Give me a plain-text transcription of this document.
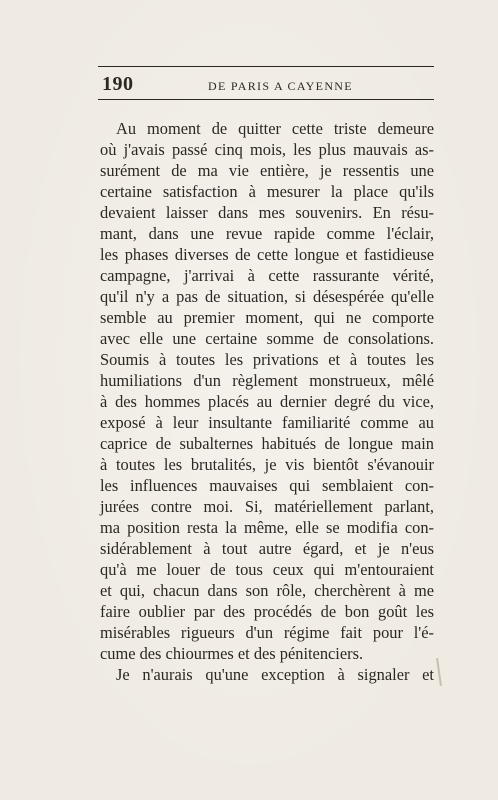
190	DE PARIS A CAYENNE
Au moment de quitter cette triste demeure
où j'avais passé cinq mois, les plus mauvais as-
surément de ma vie entière, je ressentis une
certaine satisfaction à mesurer la place qu'ils
devaient laisser dans mes souvenirs. En résu-
mant, dans une revue rapide comme l'éclair,
les phases diverses de cette longue et fastidieuse
campagne, j'arrivai à cette rassurante vérité,
qu'il n'y a pas de situation, si désespérée qu'elle
semble au premier moment, qui ne comporte
avec elle une certaine somme de consolations.
Soumis à toutes les privations et à toutes les
humiliations d'un règlement monstrueux, mêlé
à des hommes placés au dernier degré du vice,
exposé à leur insultante familiarité comme au
caprice de subalternes habitués de longue main
à toutes les brutalités, je vis bientôt s'évanouir
les influences mauvaises qui semblaient con-
jurées contre moi. Si, matériellement parlant,
ma position resta la même, elle se modifia con-
sidérablement à tout autre égard, et je n'eus
qu'à me louer de tous ceux qui m'entouraient
et qui, chacun dans son rôle, cherchèrent à me
faire oublier par des procédés de bon goût les
misérables rigueurs d'un régime fait pour l'é-
cume des chiourmes et des pénitenciers.
Je n'aurais qu'une exception à signaler et
